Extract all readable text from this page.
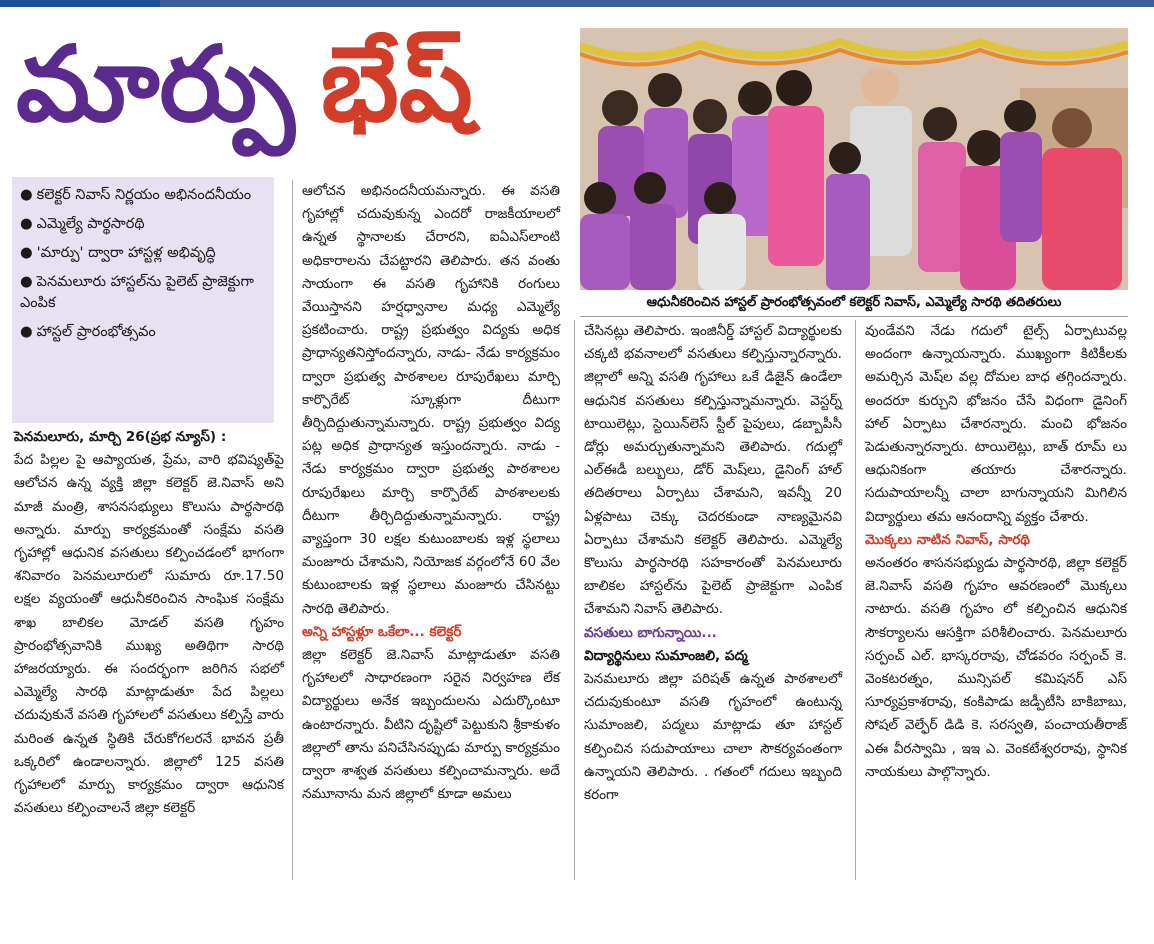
మార్పు భేష్
ఆధునీకరించిన హాస్టల్ ప్రారంభోత్సవంలో కలెక్టర్ నివాస్, ఎమ్మెల్యే సారథి తదితరులు
● కలెక్టర్ నివాస్ నిర్ణయం అభినందనీయం
● ఎమ్మెల్యే పార్థసారథి
● 'మార్పు' ద్వారా హాస్టళ్ల అభివృద్ధి
● పెనమలూరు హాస్టల్‌ను పైలెట్ ప్రాజెక్టుగా ఎంపిక
● హాస్టల్ ప్రారంభోత్సవం

పెనమలూరు, మార్చి 26(ప్రభ న్యూస్) :

పేద పిల్లల పై ఆప్యాయత, ప్రేమ, వారి భవిష్యత్‌పై ఆలోచన ఉన్న వ్యక్తి జిల్లా కలెక్టర్ జె.నివాస్ అని మాజీ మంత్రి, శాసనసభ్యులు కొలుసు పార్థసారథి అన్నారు. మార్పు కార్యక్రమంతో సంక్షేమ వసతి గృహాల్లో ఆధునిక వసతులు కల్పించడంలో భాగంగా శనివారం పెనమలూరులో సుమారు రూ.17.50 లక్షల వ్యయంతో ఆధునీకరించిన సాంఘిక సంక్షేమ శాఖ బాలికల మోడల్ వసతి గృహం ప్రారంభోత్సవానికి ముఖ్య అతిథిగా సారథి హాజరయ్యారు. ఈ సందర్భంగా జరిగిన సభలో ఎమ్మెల్యే సారథి మాట్లాడుతూ పేద పిల్లలు చదువుకునే వసతి గృహాలలో వసతులు కల్పిస్తే వారు మరింత ఉన్నత స్థితికి చేరుకోగలరనే భావన ప్రతీ ఒక్కరిలో ఉండాలన్నారు. జిల్లాలో 125 వసతి గృహాలలో మార్పు కార్యక్రమం ద్వారా ఆధునిక వసతులు కల్పించాలనే జిల్లా కలెక్టర్

ఆలోచన అభినందనీయమన్నారు. ఈ వసతి గృహాల్లో చదువుకున్న ఎందరో రాజకీయాలలో ఉన్నత స్థానాలకు చేరారని, ఐఏఎస్‌లాంటి అధికారాలను చేపట్టారని తెలిపారు. తన వంతు సాయంగా ఈ వసతి గృహానికి రంగులు వేయిస్తానని హర్షధ్వానాల మధ్య ఎమ్మెల్యే ప్రకటించారు. రాష్ట్ర ప్రభుత్వం విద్యకు అధిక ప్రాధాన్యతనిస్తోందన్నారు, నాడు- నేడు కార్యక్రమం ద్వారా ప్రభుత్వ పాఠశాలల రూపురేఖలు మార్చి కార్పొరేట్ స్కూళ్లుగా దీటుగా తీర్చిదిద్దుతున్నామన్నారు. రాష్ట్ర ప్రభుత్వం విద్య పట్ల అధిక ప్రాధాన్యత ఇస్తుందన్నారు. నాడు - నేడు కార్యక్రమం ద్వారా ప్రభుత్వ పాఠశాలల రూపురేఖలు మార్చి కార్పొరేట్ పాఠశాలలకు దీటుగా తీర్చిదిద్దుతున్నామన్నారు. రాష్ట్ర వ్యాప్తంగా 30 లక్షల కుటుంబాలకు ఇళ్ల స్థలాలు మంజూరు చేశామని, నియోజక వర్గంలోనే 60 వేల కుటుంబాలకు ఇళ్ల స్థలాలు మంజూరు చేసినట్టు సారథి తెలిపారు.

అన్ని హాస్టళ్లూ ఒకేలా... కలెక్టర్

జిల్లా కలెక్టర్ జె.నివాస్ మాట్లాడుతూ వసతి గృహాలలో సాధారణంగా సరైన నిర్వహణ లేక విద్యార్థులు అనేక ఇబ్బందులను ఎదుర్కొంటూ ఉంటారన్నారు. వీటిని దృష్టిలో పెట్టుకుని శ్రీకాకుళం జిల్లాలో తాను పనిచేసినప్పుడు మార్పు కార్యక్రమం ద్వారా శాశ్వత వసతులు కల్పించామన్నారు. అదే నమూనాను మన జిల్లాలో కూడా అమలు

చేసినట్లు తెలిపారు. ఇంజినీర్డ్ హాస్టల్ విద్యార్థులకు చక్కటి భవనాలలో వసతులు కల్పిస్తున్నారన్నారు. జిల్లాలో అన్ని వసతి గృహాలు ఒకే డిజైన్ ఉండేలా ఆధునిక వసతులు కల్పిస్తున్నామన్నారు. వెస్టర్న్ టాయిలెట్లు, స్టెయిన్‌లెస్ స్టీల్ పైపులు, డబ్బాపీసీ డోర్లు అమర్చుతున్నామని తెలిపారు. గదుల్లో ఎల్‌ఈడీ బల్బులు, డోర్ మెష్‌లు, డైనింగ్ హాల్ తదితరాలు ఏర్పాటు చేశామని, ఇవన్నీ 20 ఏళ్లపాటు చెక్కు చెదరకుండా నాణ్యమైనవి ఏర్పాటు చేశామని కలెక్టర్ తెలిపారు. ఎమ్మెల్యే కొలుసు పార్థసారథి సహకారంతో పెనమలూరు బాలికల హాస్టల్‌ను పైలెట్ ప్రాజెక్టుగా ఎంపిక చేశామని నివాస్ తెలిపారు.

వసతులు బాగున్నాయి...

విద్యార్థినులు సుమాంజలి, పద్మ

పెనమలూరు జిల్లా పరిషత్ ఉన్నత పాఠశాలలో చదువుకుంటూ వసతి గృహంలో ఉంటున్న సుమాంజలి, పద్మలు మాట్లాడు తూ హాస్టల్ కల్పించిన సదుపాయాలు చాలా సౌకర్యవంతంగా ఉన్నాయని తెలిపారు. . గతంలో గదులు ఇబ్బంది కరంగా

వుండేవని నేడు గదులో టైల్స్ ఏర్పాటువల్ల అందంగా ఉన్నాయన్నారు. ముఖ్యంగా కిటికీలకు అమర్చిన మెష్‌ల వల్ల దోమల బాధ తగ్గిందన్నారు. అందరూ కుర్చుని భోజనం చేసే విధంగా డైనింగ్ హాల్ ఏర్పాటు చేశారన్నారు. మంచి భోజనం పెడుతున్నారన్నారు. టాయిలెట్లు, బాత్ రూమ్ లు ఆధునికంగా తయారు చేశారన్నారు. సదుపాయాలన్నీ చాలా బాగున్నాయని మిగిలిన విద్యార్థులు తమ ఆనందాన్ని వ్యక్తం చేశారు.

మొక్కలు నాటిన నివాస్, సారథి

అనంతరం శాసనసభ్యుడు పార్థసారథి, జిల్లా కలెక్టర్ జె.నివాస్ వసతి గృహం ఆవరణంలో మొక్కలు నాటారు. వసతి గృహం లో కల్పించిన ఆధునిక సౌకర్యాలను ఆసక్తిగా పరిశీలించారు. పెనమలూరు సర్పంచ్ ఎల్. భాస్కరరావు, చోడవరం సర్పంచ్ కె. వెంకటరత్నం, మున్సిపల్ కమిషనర్ ఎస్ సూర్యప్రకాశరావు, కంకిపాడు జడ్పీటీసి బాకిబాబు, సోషల్ వెల్ఫేర్ డిడి కె. సరస్వతి, పంచాయతీరాజ్ ఎఈ వీరస్వామి , ఇఇ ఎ. వెంకటేశ్వరరావు, స్థానిక నాయకులు పాల్గొన్నారు.
